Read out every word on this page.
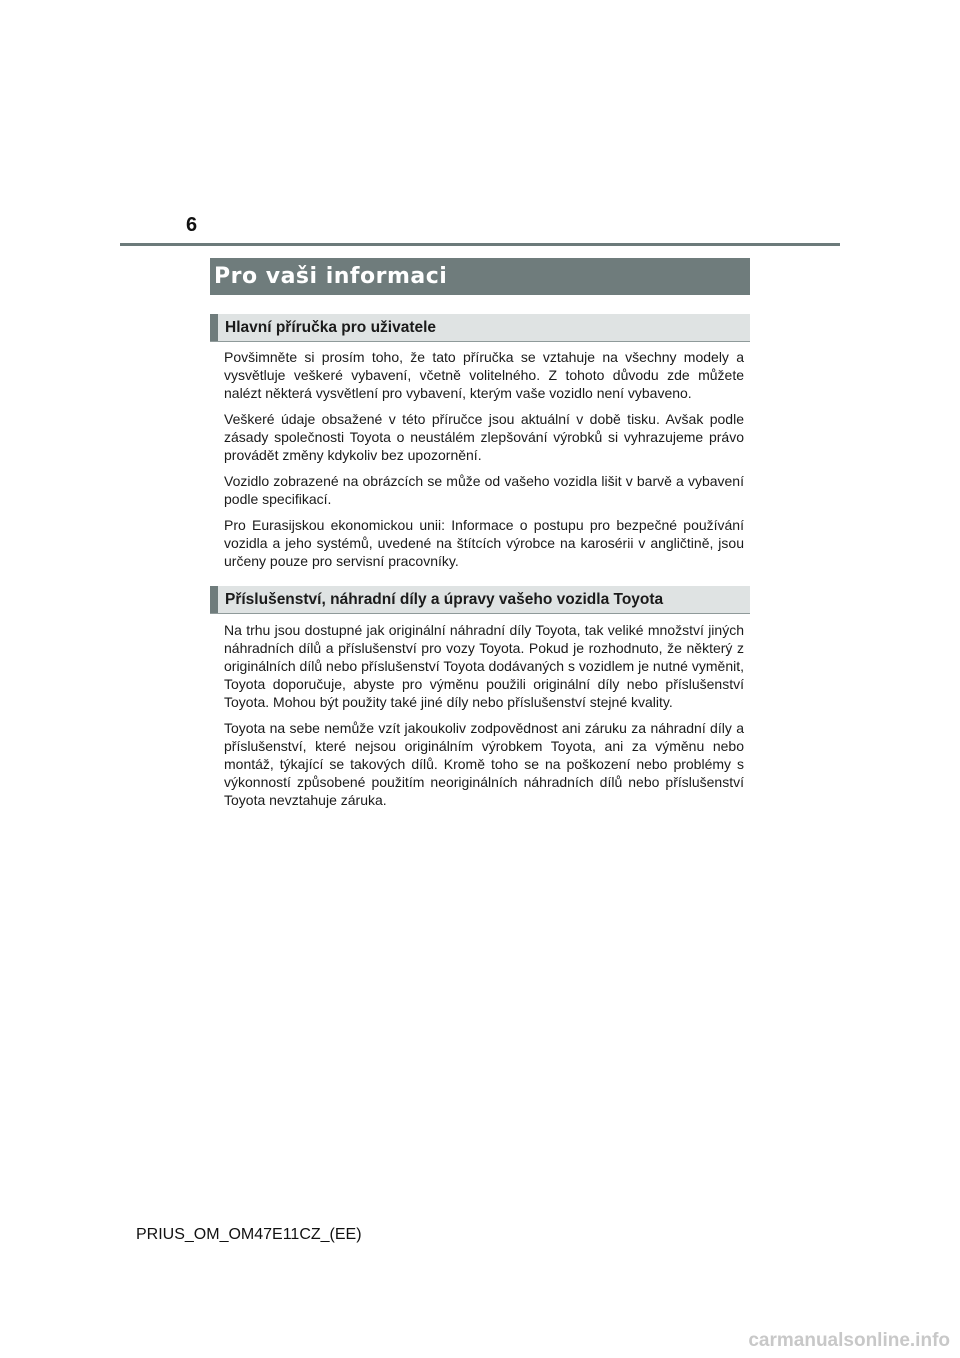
6
Pro vaši informaci
Hlavní příručka pro uživatele

Povšimněte si prosím toho, že tato příručka se vztahuje na všechny modely a vysvětluje veškeré vybavení, včetně volitelného. Z tohoto důvodu zde můžete nalézt některá vysvětlení pro vybavení, kterým vaše vozidlo není vybaveno.

Veškeré údaje obsažené v této příručce jsou aktuální v době tisku. Avšak podle zásady společnosti Toyota o neustálém zlepšování výrobků si vyhrazujeme právo provádět změny kdykoliv bez upozornění.

Vozidlo zobrazené na obrázcích se může od vašeho vozidla lišit v barvě a vybavení podle specifikací.

Pro Eurasijskou ekonomickou unii: Informace o postupu pro bezpečné používání vozidla a jeho systémů, uvedené na štítcích výrobce na karosérii v angličtině, jsou určeny pouze pro servisní pracovníky.

Příslušenství, náhradní díly a úpravy vašeho vozidla Toyota

Na trhu jsou dostupné jak originální náhradní díly Toyota, tak veliké množství jiných náhradních dílů a příslušenství pro vozy Toyota. Pokud je rozhodnuto, že některý z originálních dílů nebo příslušenství Toyota dodávaných s vozidlem je nutné vyměnit, Toyota doporučuje, abyste pro výměnu použili originální díly nebo příslušenství Toyota. Mohou být použity také jiné díly nebo příslušenství stejné kvality.

Toyota na sebe nemůže vzít jakoukoliv zodpovědnost ani záruku za náhradní díly a příslušenství, které nejsou originálním výrobkem Toyota, ani za výměnu nebo montáž, týkající se takových dílů. Kromě toho se na poškození nebo problémy s výkonností způsobené použitím neoriginálních náhradních dílů nebo příslušenství Toyota nevztahuje záruka.

PRIUS_OM_OM47E11CZ_(EE)
carmanualsonline.info
